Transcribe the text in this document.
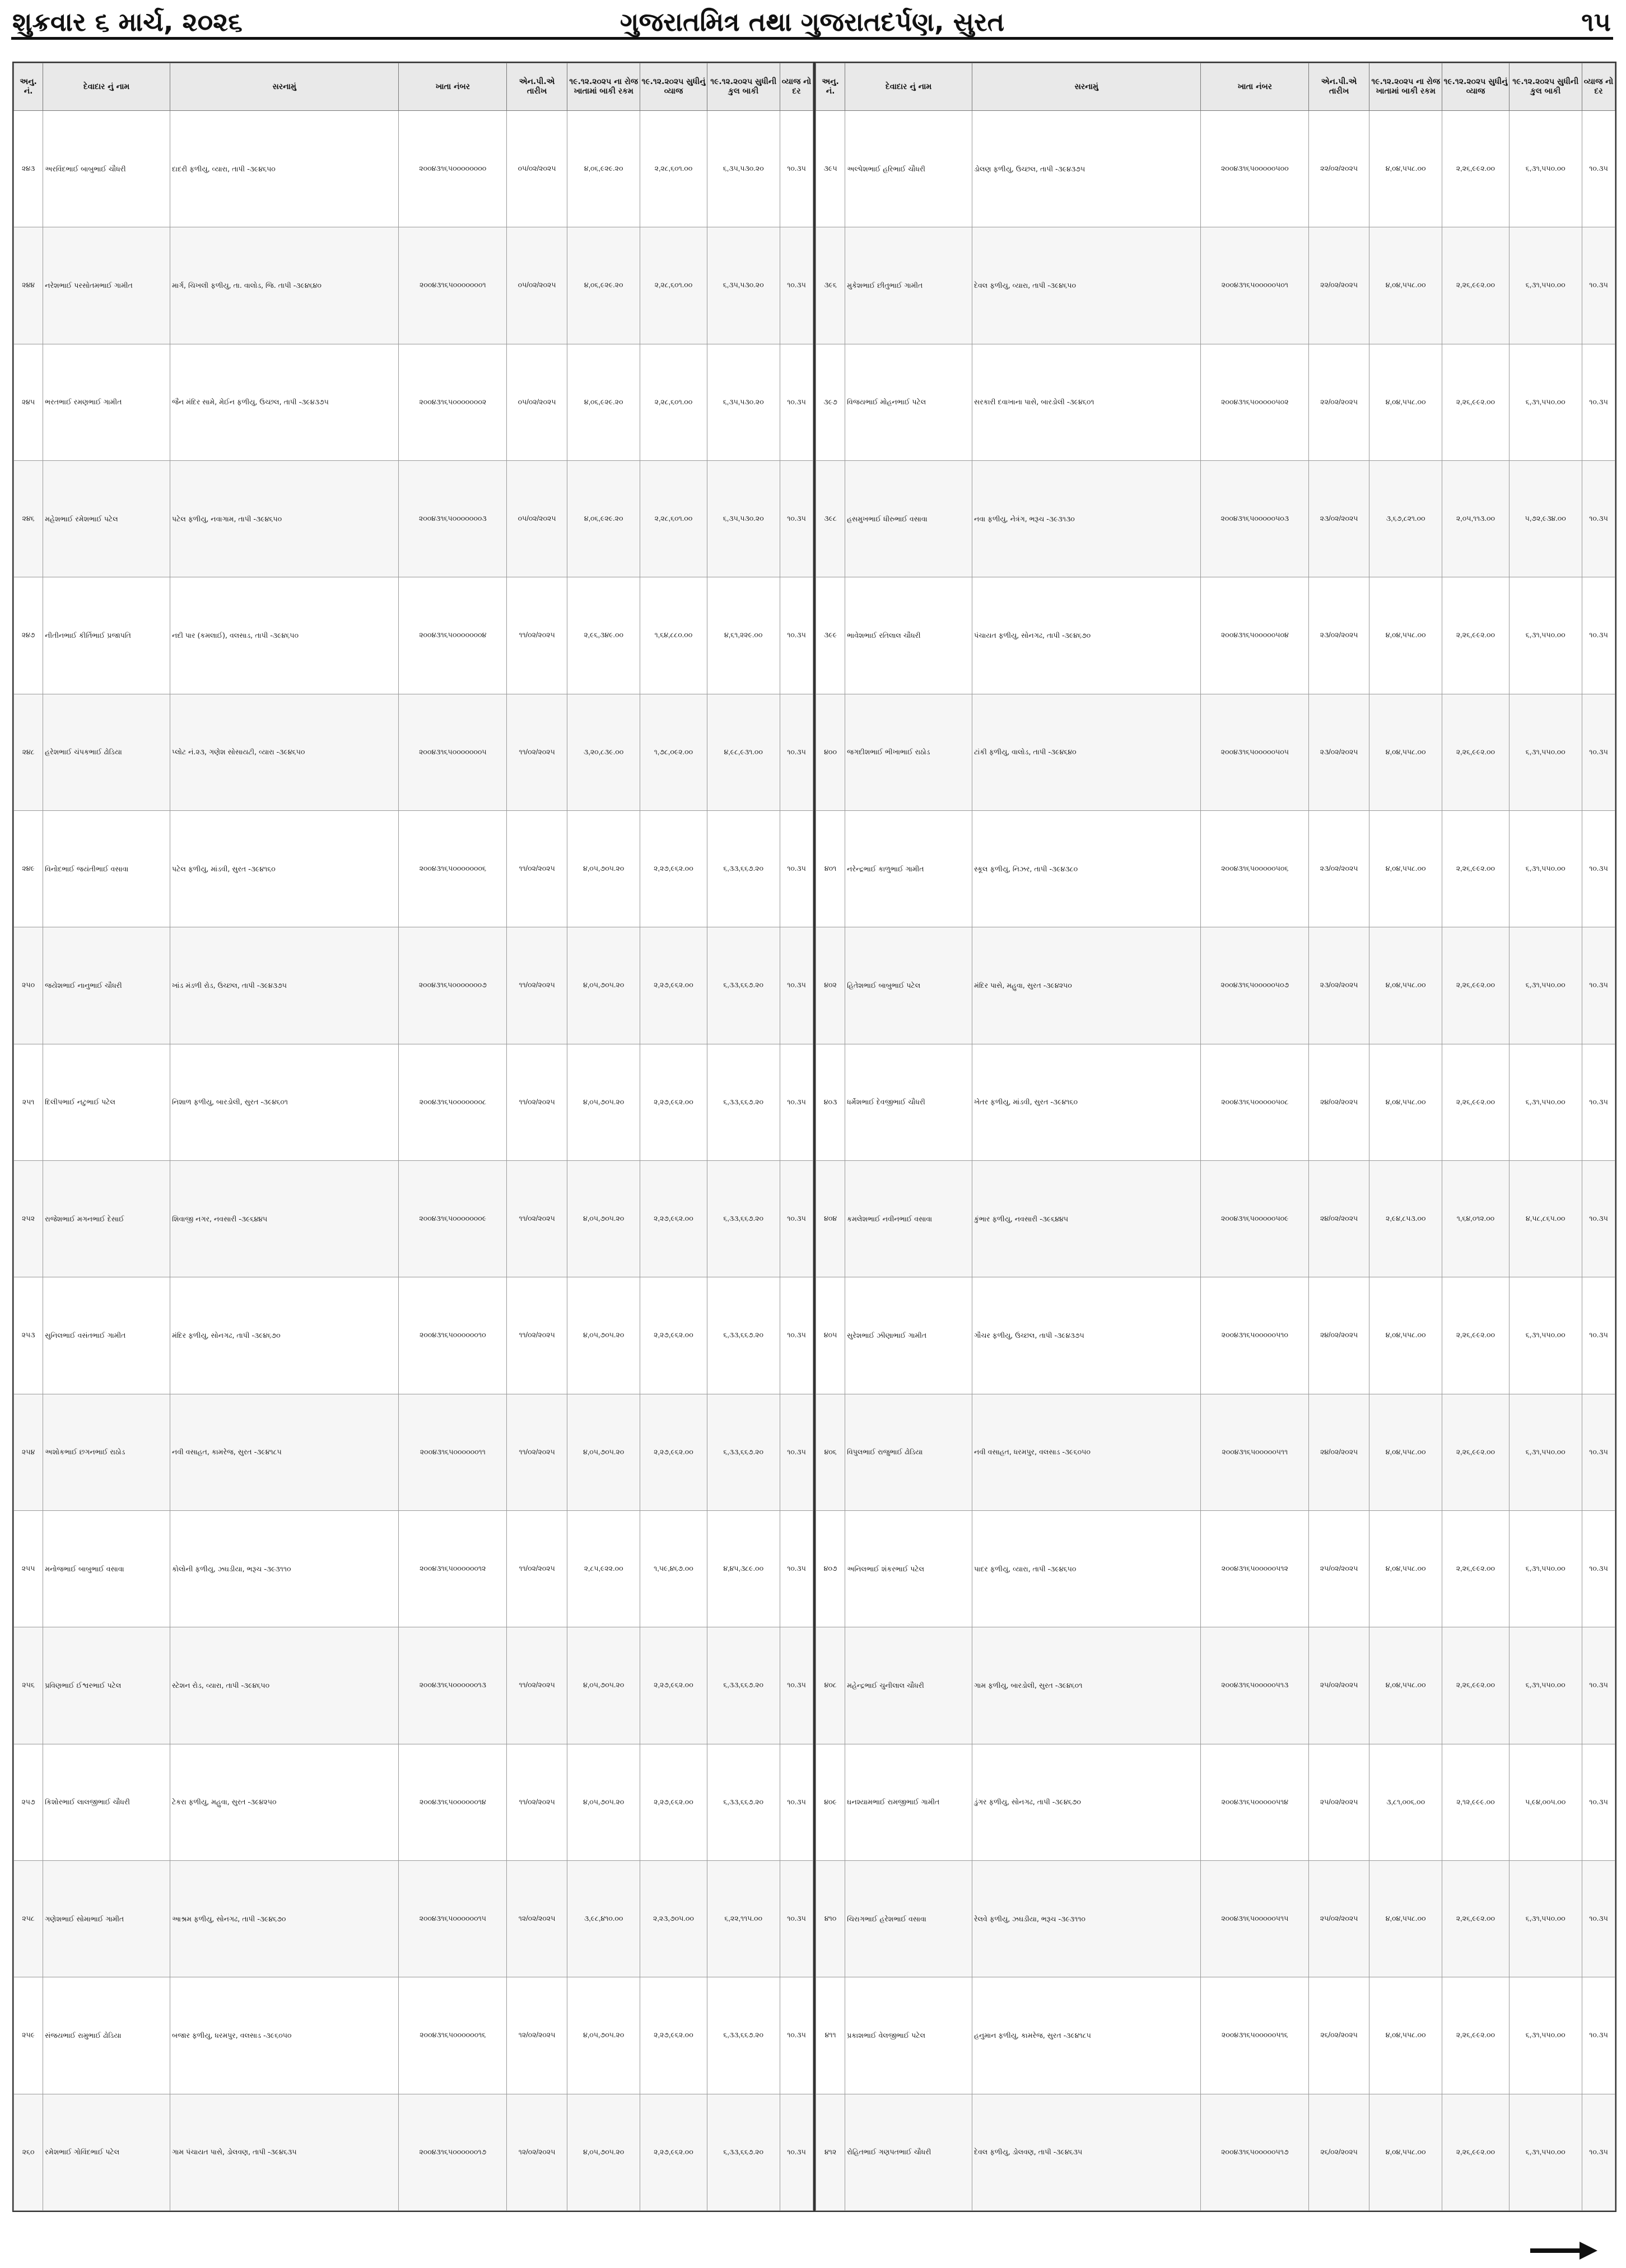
શુક્રવાર ૬ માર્ચ, ૨૦૨૬	ગુજરાતમિત્ર તથા ગુજરાતદર્પણ, સુરત	૧૫
અનુ. નં.	દેવાદાર નું નામ	સરનામું	ખાતા નંબર	એન.પી.એ તારીખ	૧૯.૧૨.૨૦૨૫ ના રોજ ખાતામાં બાકી રકમ	૧૯.૧૨.૨૦૨૫ સુધીનું વ્યાજ	૧૯.૧૨.૨૦૨૫ સુધીની કુલ બાકી	વ્યાજ નો દર
૨૪૩	અરવિંદભાઈ બાબુભાઈ ચૌધરી	દાદરી ફળીયુ, વ્યારા, તાપી -૩૯૪૬૫૦	૨૦૦૪૩૧૬૫૦૦૦૦૦૦૦૦	૦૫/૦૨/૨૦૨૫	૪,૦૬,૯૨૯.૨૦	૨,૨૮,૬૦૧.૦૦	૬,૩૫,૫૩૦.૨૦	૧૦.૩૫
૨૪૪	નરેશભાઈ પરસોતમભાઈ ગામીત	માર્ગ, ચિખલી ફળીયુ, તા. વાલોડ, જિ. તાપી -૩૯૪૬૪૦	૨૦૦૪૩૧૬૫૦૦૦૦૦૦૦૧	૦૫/૦૨/૨૦૨૫	૪,૦૬,૯૨૯.૨૦	૨,૨૮,૬૦૧.૦૦	૬,૩૫,૫૩૦.૨૦	૧૦.૩૫
૨૪૫	ભરતભાઈ રમણભાઈ ગામીત	જૈન મંદિર સામે, મેઈન ફળીયુ, ઉચ્છલ, તાપી -૩૯૪૩૭૫	૨૦૦૪૩૧૬૫૦૦૦૦૦૦૦૨	૦૫/૦૨/૨૦૨૫	૪,૦૬,૯૨૯.૨૦	૨,૨૮,૬૦૧.૦૦	૬,૩૫,૫૩૦.૨૦	૧૦.૩૫
૨૪૬	મહેશભાઈ રમેશભાઈ પટેલ	પટેલ ફળીયુ, નવાગામ, તાપી -૩૯૪૬૫૦	૨૦૦૪૩૧૬૫૦૦૦૦૦૦૦૩	૦૫/૦૨/૨૦૨૫	૪,૦૬,૯૨૯.૨૦	૨,૨૮,૬૦૧.૦૦	૬,૩૫,૫૩૦.૨૦	૧૦.૩૫
૨૪૭	નીતીનભાઈ કીર્તિભાઈ પ્રજાપતિ	નદી પાર (કમલાઈ), વલસાડ, તાપી -૩૯૪૬૫૦	૨૦૦૪૩૧૬૫૦૦૦૦૦૦૦૪	૧૧/૦૨/૨૦૨૫	૨,૯૬,૩૪૯.૦૦	૧,૬૪,૮૮૦.૦૦	૪,૬૧,૨૨૯.૦૦	૧૦.૩૫
૨૪૮	હરેશભાઈ ચંપકભાઈ ઢોડિયા	પ્લોટ નં.૨૩, ગણેશ સોસાયટી, વ્યારા -૩૯૪૬૫૦	૨૦૦૪૩૧૬૫૦૦૦૦૦૦૦૫	૧૧/૦૨/૨૦૨૫	૩,૨૦,૮૩૯.૦૦	૧,૭૮,૦૯૨.૦૦	૪,૯૮,૯૩૧.૦૦	૧૦.૩૫
૨૪૯	વિનોદભાઈ જયંતીભાઈ વસાવા	પટેલ ફળીયુ, માંડવી, સુરત -૩૯૪૧૬૦	૨૦૦૪૩૧૬૫૦૦૦૦૦૦૦૬	૧૧/૦૨/૨૦૨૫	૪,૦૫,૭૦૫.૨૦	૨,૨૭,૯૬૨.૦૦	૬,૩૩,૬૬૭.૨૦	૧૦.૩૫
૨૫૦	જયેશભાઈ નાનુભાઈ ચૌધરી	ખાંડ મંડળી રોડ, ઉચ્છલ, તાપી -૩૯૪૩૭૫	૨૦૦૪૩૧૬૫૦૦૦૦૦૦૦૭	૧૧/૦૨/૨૦૨૫	૪,૦૫,૭૦૫.૨૦	૨,૨૭,૯૬૨.૦૦	૬,૩૩,૬૬૭.૨૦	૧૦.૩૫
૨૫૧	દિલીપભાઈ નટુભાઈ પટેલ	નિશાળ ફળીયુ, બારડોલી, સુરત -૩૯૪૬૦૧	૨૦૦૪૩૧૬૫૦૦૦૦૦૦૦૮	૧૧/૦૨/૨૦૨૫	૪,૦૫,૭૦૫.૨૦	૨,૨૭,૯૬૨.૦૦	૬,૩૩,૬૬૭.૨૦	૧૦.૩૫
૨૫૨	રાજેશભાઈ મગનભાઈ દેસાઈ	શિવાજી નગર, નવસારી -૩૯૬૪૪૫	૨૦૦૪૩૧૬૫૦૦૦૦૦૦૦૯	૧૧/૦૨/૨૦૨૫	૪,૦૫,૭૦૫.૨૦	૨,૨૭,૯૬૨.૦૦	૬,૩૩,૬૬૭.૨૦	૧૦.૩૫
૨૫૩	સુનિલભાઈ વસંતભાઈ ગામીત	મંદિર ફળીયુ, સોનગઢ, તાપી -૩૯૪૬૭૦	૨૦૦૪૩૧૬૫૦૦૦૦૦૦૧૦	૧૧/૦૨/૨૦૨૫	૪,૦૫,૭૦૫.૨૦	૨,૨૭,૯૬૨.૦૦	૬,૩૩,૬૬૭.૨૦	૧૦.૩૫
૨૫૪	અશોકભાઈ છગનભાઈ રાઠોડ	નવી વસાહત, કામરેજ, સુરત -૩૯૪૧૮૫	૨૦૦૪૩૧૬૫૦૦૦૦૦૦૧૧	૧૧/૦૨/૨૦૨૫	૪,૦૫,૭૦૫.૨૦	૨,૨૭,૯૬૨.૦૦	૬,૩૩,૬૬૭.૨૦	૧૦.૩૫
૨૫૫	મનોજભાઈ બાબુભાઈ વસાવા	કોલોની ફળીયુ, ઝઘડીયા, ભરૂચ -૩૯૩૧૧૦	૨૦૦૪૩૧૬૫૦૦૦૦૦૦૧૨	૧૧/૦૨/૨૦૨૫	૨,૮૫,૯૨૨.૦૦	૧,૫૯,૪૬૭.૦૦	૪,૪૫,૩૮૯.૦૦	૧૦.૩૫
૨૫૬	પ્રવિણભાઈ ઈશ્વરભાઈ પટેલ	સ્ટેશન રોડ, વ્યારા, તાપી -૩૯૪૬૫૦	૨૦૦૪૩૧૬૫૦૦૦૦૦૦૧૩	૧૧/૦૨/૨૦૨૫	૪,૦૫,૭૦૫.૨૦	૨,૨૭,૯૬૨.૦૦	૬,૩૩,૬૬૭.૨૦	૧૦.૩૫
૨૫૭	કિશોરભાઈ લાલજીભાઈ ચૌધરી	ટેકરા ફળીયુ, મહુવા, સુરત -૩૯૪૨૫૦	૨૦૦૪૩૧૬૫૦૦૦૦૦૦૧૪	૧૧/૦૨/૨૦૨૫	૪,૦૫,૭૦૫.૨૦	૨,૨૭,૯૬૨.૦૦	૬,૩૩,૬૬૭.૨૦	૧૦.૩૫
૨૫૮	ગણેશભાઈ સોમાભાઈ ગામીત	આશ્રમ ફળીયુ, સોનગઢ, તાપી -૩૯૪૬૭૦	૨૦૦૪૩૧૬૫૦૦૦૦૦૦૧૫	૧૨/૦૨/૨૦૨૫	૩,૯૮,૪૧૦.૦૦	૨,૨૩,૭૦૫.૦૦	૬,૨૨,૧૧૫.૦૦	૧૦.૩૫
૨૫૯	સંજયભાઈ રામુભાઈ ઢોડિયા	બજાર ફળીયુ, ધરમપુર, વલસાડ -૩૯૬૦૫૦	૨૦૦૪૩૧૬૫૦૦૦૦૦૦૧૬	૧૨/૦૨/૨૦૨૫	૪,૦૫,૭૦૫.૨૦	૨,૨૭,૯૬૨.૦૦	૬,૩૩,૬૬૭.૨૦	૧૦.૩૫
૨૬૦	રમેશભાઈ ગોવિંદભાઈ પટેલ	ગામ પંચાયત પાસે, ડોલવણ, તાપી -૩૯૪૬૩૫	૨૦૦૪૩૧૬૫૦૦૦૦૦૦૧૭	૧૨/૦૨/૨૦૨૫	૪,૦૫,૭૦૫.૨૦	૨,૨૭,૯૬૨.૦૦	૬,૩૩,૬૬૭.૨૦	૧૦.૩૫
અનુ. નં.	દેવાદાર નું નામ	સરનામું	ખાતા નંબર	એન.પી.એ તારીખ	૧૯.૧૨.૨૦૨૫ ના રોજ ખાતામાં બાકી રકમ	૧૯.૧૨.૨૦૨૫ સુધીનું વ્યાજ	૧૯.૧૨.૨૦૨૫ સુધીની કુલ બાકી	વ્યાજ નો દર
૩૯૫	અલ્પેશભાઈ હરિભાઈ ચૌધરી	ડોલણ ફળીયુ, ઉચ્છલ, તાપી -૩૯૪૩૭૫	૨૦૦૪૩૧૬૫૦૦૦૦૦૫૦૦	૨૨/૦૨/૨૦૨૫	૪,૦૪,૫૫૮.૦૦	૨,૨૬,૯૯૨.૦૦	૬,૩૧,૫૫૦.૦૦	૧૦.૩૫
૩૯૬	મુકેશભાઈ છીતુભાઈ ગામીત	દેવલ ફળીયુ, વ્યારા, તાપી -૩૯૪૬૫૦	૨૦૦૪૩૧૬૫૦૦૦૦૦૫૦૧	૨૨/૦૨/૨૦૨૫	૪,૦૪,૫૫૮.૦૦	૨,૨૬,૯૯૨.૦૦	૬,૩૧,૫૫૦.૦૦	૧૦.૩૫
૩૯૭	વિજયભાઈ મોહનભાઈ પટેલ	સરકારી દવાખાના પાસે, બારડોલી -૩૯૪૬૦૧	૨૦૦૪૩૧૬૫૦૦૦૦૦૫૦૨	૨૨/૦૨/૨૦૨૫	૪,૦૪,૫૫૮.૦૦	૨,૨૬,૯૯૨.૦૦	૬,૩૧,૫૫૦.૦૦	૧૦.૩૫
૩૯૮	હસમુખભાઈ ધીરુભાઈ વસાવા	નવા ફળીયુ, નેત્રંગ, ભરૂચ -૩૯૩૧૩૦	૨૦૦૪૩૧૬૫૦૦૦૦૦૫૦૩	૨૩/૦૨/૨૦૨૫	૩,૬૭,૮૨૧.૦૦	૨,૦૫,૧૧૩.૦૦	૫,૭૨,૯૩૪.૦૦	૧૦.૩૫
૩૯૯	ભાવેશભાઈ રતિલાલ ચૌધરી	પંચાયત ફળીયુ, સોનગઢ, તાપી -૩૯૪૬૭૦	૨૦૦૪૩૧૬૫૦૦૦૦૦૫૦૪	૨૩/૦૨/૨૦૨૫	૪,૦૪,૫૫૮.૦૦	૨,૨૬,૯૯૨.૦૦	૬,૩૧,૫૫૦.૦૦	૧૦.૩૫
૪૦૦	જગદીશભાઈ ભીખાભાઈ રાઠોડ	ટાંકી ફળીયુ, વાલોડ, તાપી -૩૯૪૬૪૦	૨૦૦૪૩૧૬૫૦૦૦૦૦૫૦૫	૨૩/૦૨/૨૦૨૫	૪,૦૪,૫૫૮.૦૦	૨,૨૬,૯૯૨.૦૦	૬,૩૧,૫૫૦.૦૦	૧૦.૩૫
૪૦૧	નરેન્દ્રભાઈ કાળુભાઈ ગામીત	સ્કૂલ ફળીયુ, નિઝર, તાપી -૩૯૪૩૮૦	૨૦૦૪૩૧૬૫૦૦૦૦૦૫૦૬	૨૩/૦૨/૨૦૨૫	૪,૦૪,૫૫૮.૦૦	૨,૨૬,૯૯૨.૦૦	૬,૩૧,૫૫૦.૦૦	૧૦.૩૫
૪૦૨	હિતેશભાઈ બાબુભાઈ પટેલ	મંદિર પાસે, મહુવા, સુરત -૩૯૪૨૫૦	૨૦૦૪૩૧૬૫૦૦૦૦૦૫૦૭	૨૩/૦૨/૨૦૨૫	૪,૦૪,૫૫૮.૦૦	૨,૨૬,૯૯૨.૦૦	૬,૩૧,૫૫૦.૦૦	૧૦.૩૫
૪૦૩	ધર્મેશભાઈ દેવજીભાઈ ચૌધરી	ખેતર ફળીયુ, માંડવી, સુરત -૩૯૪૧૬૦	૨૦૦૪૩૧૬૫૦૦૦૦૦૫૦૮	૨૪/૦૨/૨૦૨૫	૪,૦૪,૫૫૮.૦૦	૨,૨૬,૯૯૨.૦૦	૬,૩૧,૫૫૦.૦૦	૧૦.૩૫
૪૦૪	કમલેશભાઈ નવીનભાઈ વસાવા	કુંભાર ફળીયુ, નવસારી -૩૯૬૪૪૫	૨૦૦૪૩૧૬૫૦૦૦૦૦૫૦૯	૨૪/૦૨/૨૦૨૫	૨,૯૪,૮૫૩.૦૦	૧,૬૪,૦૧૨.૦૦	૪,૫૮,૮૬૫.૦૦	૧૦.૩૫
૪૦૫	સુરેશભાઈ ઝીણાભાઈ ગામીત	ગૌચર ફળીયુ, ઉચ્છલ, તાપી -૩૯૪૩૭૫	૨૦૦૪૩૧૬૫૦૦૦૦૦૫૧૦	૨૪/૦૨/૨૦૨૫	૪,૦૪,૫૫૮.૦૦	૨,૨૬,૯૯૨.૦૦	૬,૩૧,૫૫૦.૦૦	૧૦.૩૫
૪૦૬	વિપુલભાઈ રાજુભાઈ ઢોડિયા	નવી વસાહત, ધરમપુર, વલસાડ -૩૯૬૦૫૦	૨૦૦૪૩૧૬૫૦૦૦૦૦૫૧૧	૨૪/૦૨/૨૦૨૫	૪,૦૪,૫૫૮.૦૦	૨,૨૬,૯૯૨.૦૦	૬,૩૧,૫૫૦.૦૦	૧૦.૩૫
૪૦૭	અનિલભાઈ શંકરભાઈ પટેલ	પાદર ફળીયુ, વ્યારા, તાપી -૩૯૪૬૫૦	૨૦૦૪૩૧૬૫૦૦૦૦૦૫૧૨	૨૫/૦૨/૨૦૨૫	૪,૦૪,૫૫૮.૦૦	૨,૨૬,૯૯૨.૦૦	૬,૩૧,૫૫૦.૦૦	૧૦.૩૫
૪૦૮	મહેન્દ્રભાઈ ચુનીલાલ ચૌધરી	ગામ ફળીયુ, બારડોલી, સુરત -૩૯૪૬૦૧	૨૦૦૪૩૧૬૫૦૦૦૦૦૫૧૩	૨૫/૦૨/૨૦૨૫	૪,૦૪,૫૫૮.૦૦	૨,૨૬,૯૯૨.૦૦	૬,૩૧,૫૫૦.૦૦	૧૦.૩૫
૪૦૯	ઘનશ્યામભાઈ રામજીભાઈ ગામીત	ડુંગર ફળીયુ, સોનગઢ, તાપી -૩૯૪૬૭૦	૨૦૦૪૩૧૬૫૦૦૦૦૦૫૧૪	૨૫/૦૨/૨૦૨૫	૩,૮૧,૦૦૬.૦૦	૨,૧૨,૯૯૯.૦૦	૫,૯૪,૦૦૫.૦૦	૧૦.૩૫
૪૧૦	ચિરાગભાઈ હરેશભાઈ વસાવા	રેલવે ફળીયુ, ઝઘડીયા, ભરૂચ -૩૯૩૧૧૦	૨૦૦૪૩૧૬૫૦૦૦૦૦૫૧૫	૨૫/૦૨/૨૦૨૫	૪,૦૪,૫૫૮.૦૦	૨,૨૬,૯૯૨.૦૦	૬,૩૧,૫૫૦.૦૦	૧૦.૩૫
૪૧૧	પ્રકાશભાઈ વેલજીભાઈ પટેલ	હનુમાન ફળીયુ, કામરેજ, સુરત -૩૯૪૧૮૫	૨૦૦૪૩૧૬૫૦૦૦૦૦૫૧૬	૨૬/૦૨/૨૦૨૫	૪,૦૪,૫૫૮.૦૦	૨,૨૬,૯૯૨.૦૦	૬,૩૧,૫૫૦.૦૦	૧૦.૩૫
૪૧૨	રોહિતભાઈ ગણપતભાઈ ચૌધરી	દેવલ ફળીયુ, ડોલવણ, તાપી -૩૯૪૬૩૫	૨૦૦૪૩૧૬૫૦૦૦૦૦૫૧૭	૨૬/૦૨/૨૦૨૫	૪,૦૪,૫૫૮.૦૦	૨,૨૬,૯૯૨.૦૦	૬,૩૧,૫૫૦.૦૦	૧૦.૩૫
